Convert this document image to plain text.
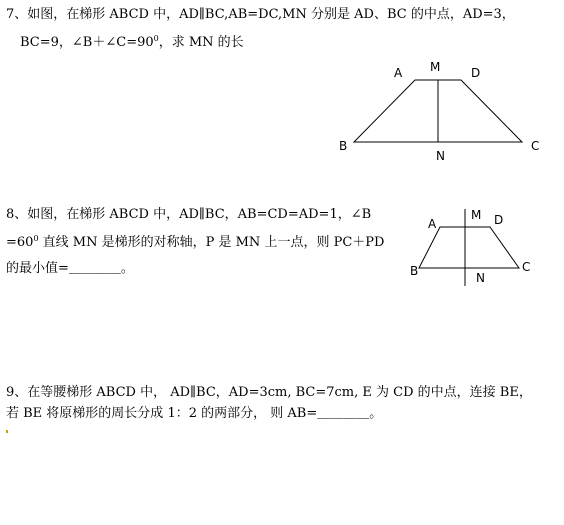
7、如图，在梯形 ABCD 中，AD∥BC,AB=DC,MN 分别是 AD、BC 的中点，AD=3，
BC=9，$\angle B+\angle C=90^0$，求 MN 的长
8、如图，在梯形 ABCD 中，AD∥BC，AB=CD=AD=1，∠B
$=60^0$ 直线 MN 是梯形的对称轴，P 是 MN 上一点，则 PC＋PD
的最小值=＿＿＿＿。
9、在等腰梯形 ABCD 中， AD∥BC，AD=3cm, BC=7cm, E 为 CD 的中点，连接 BE，
若 BE 将原梯形的周长分成 1：2 的两部分， 则 AB=＿＿＿＿。
A M	D
B
N
C
A
M D
B	N
C
